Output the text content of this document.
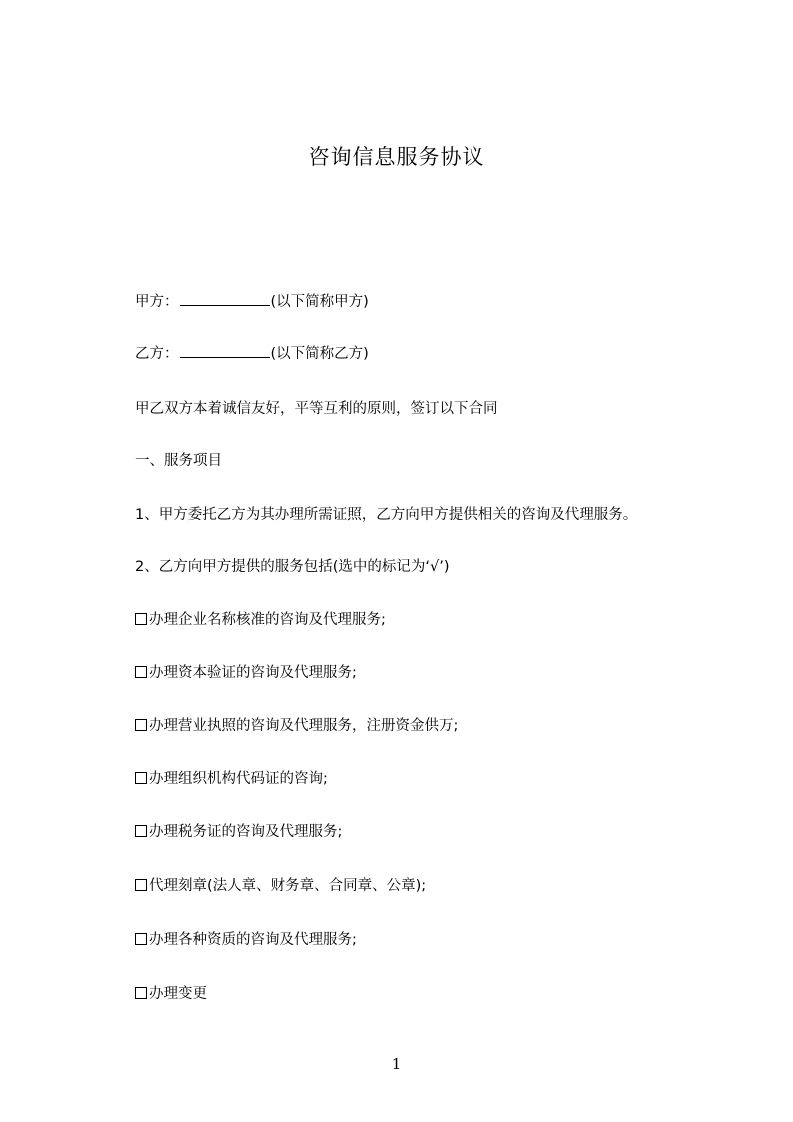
咨询信息服务协议
甲方：	(以下简称甲方)
乙方：	(以下简称乙方)
甲乙双方本着诚信友好，平等互利的原则，签订以下合同
一、服务项目
1、甲方委托乙方为其办理所需证照，乙方向甲方提供相关的咨询及代理服务。
2、乙方向甲方提供的服务包括(选中的标记为‘√’)
办理企业名称核准的咨询及代理服务;
办理资本验证的咨询及代理服务;
办理营业执照的咨询及代理服务，注册资金供万;
办理组织机构代码证的咨询;
办理税务证的咨询及代理服务;
代理刻章(法人章、财务章、合同章、公章);
办理各种资质的咨询及代理服务;
办理变更
1
